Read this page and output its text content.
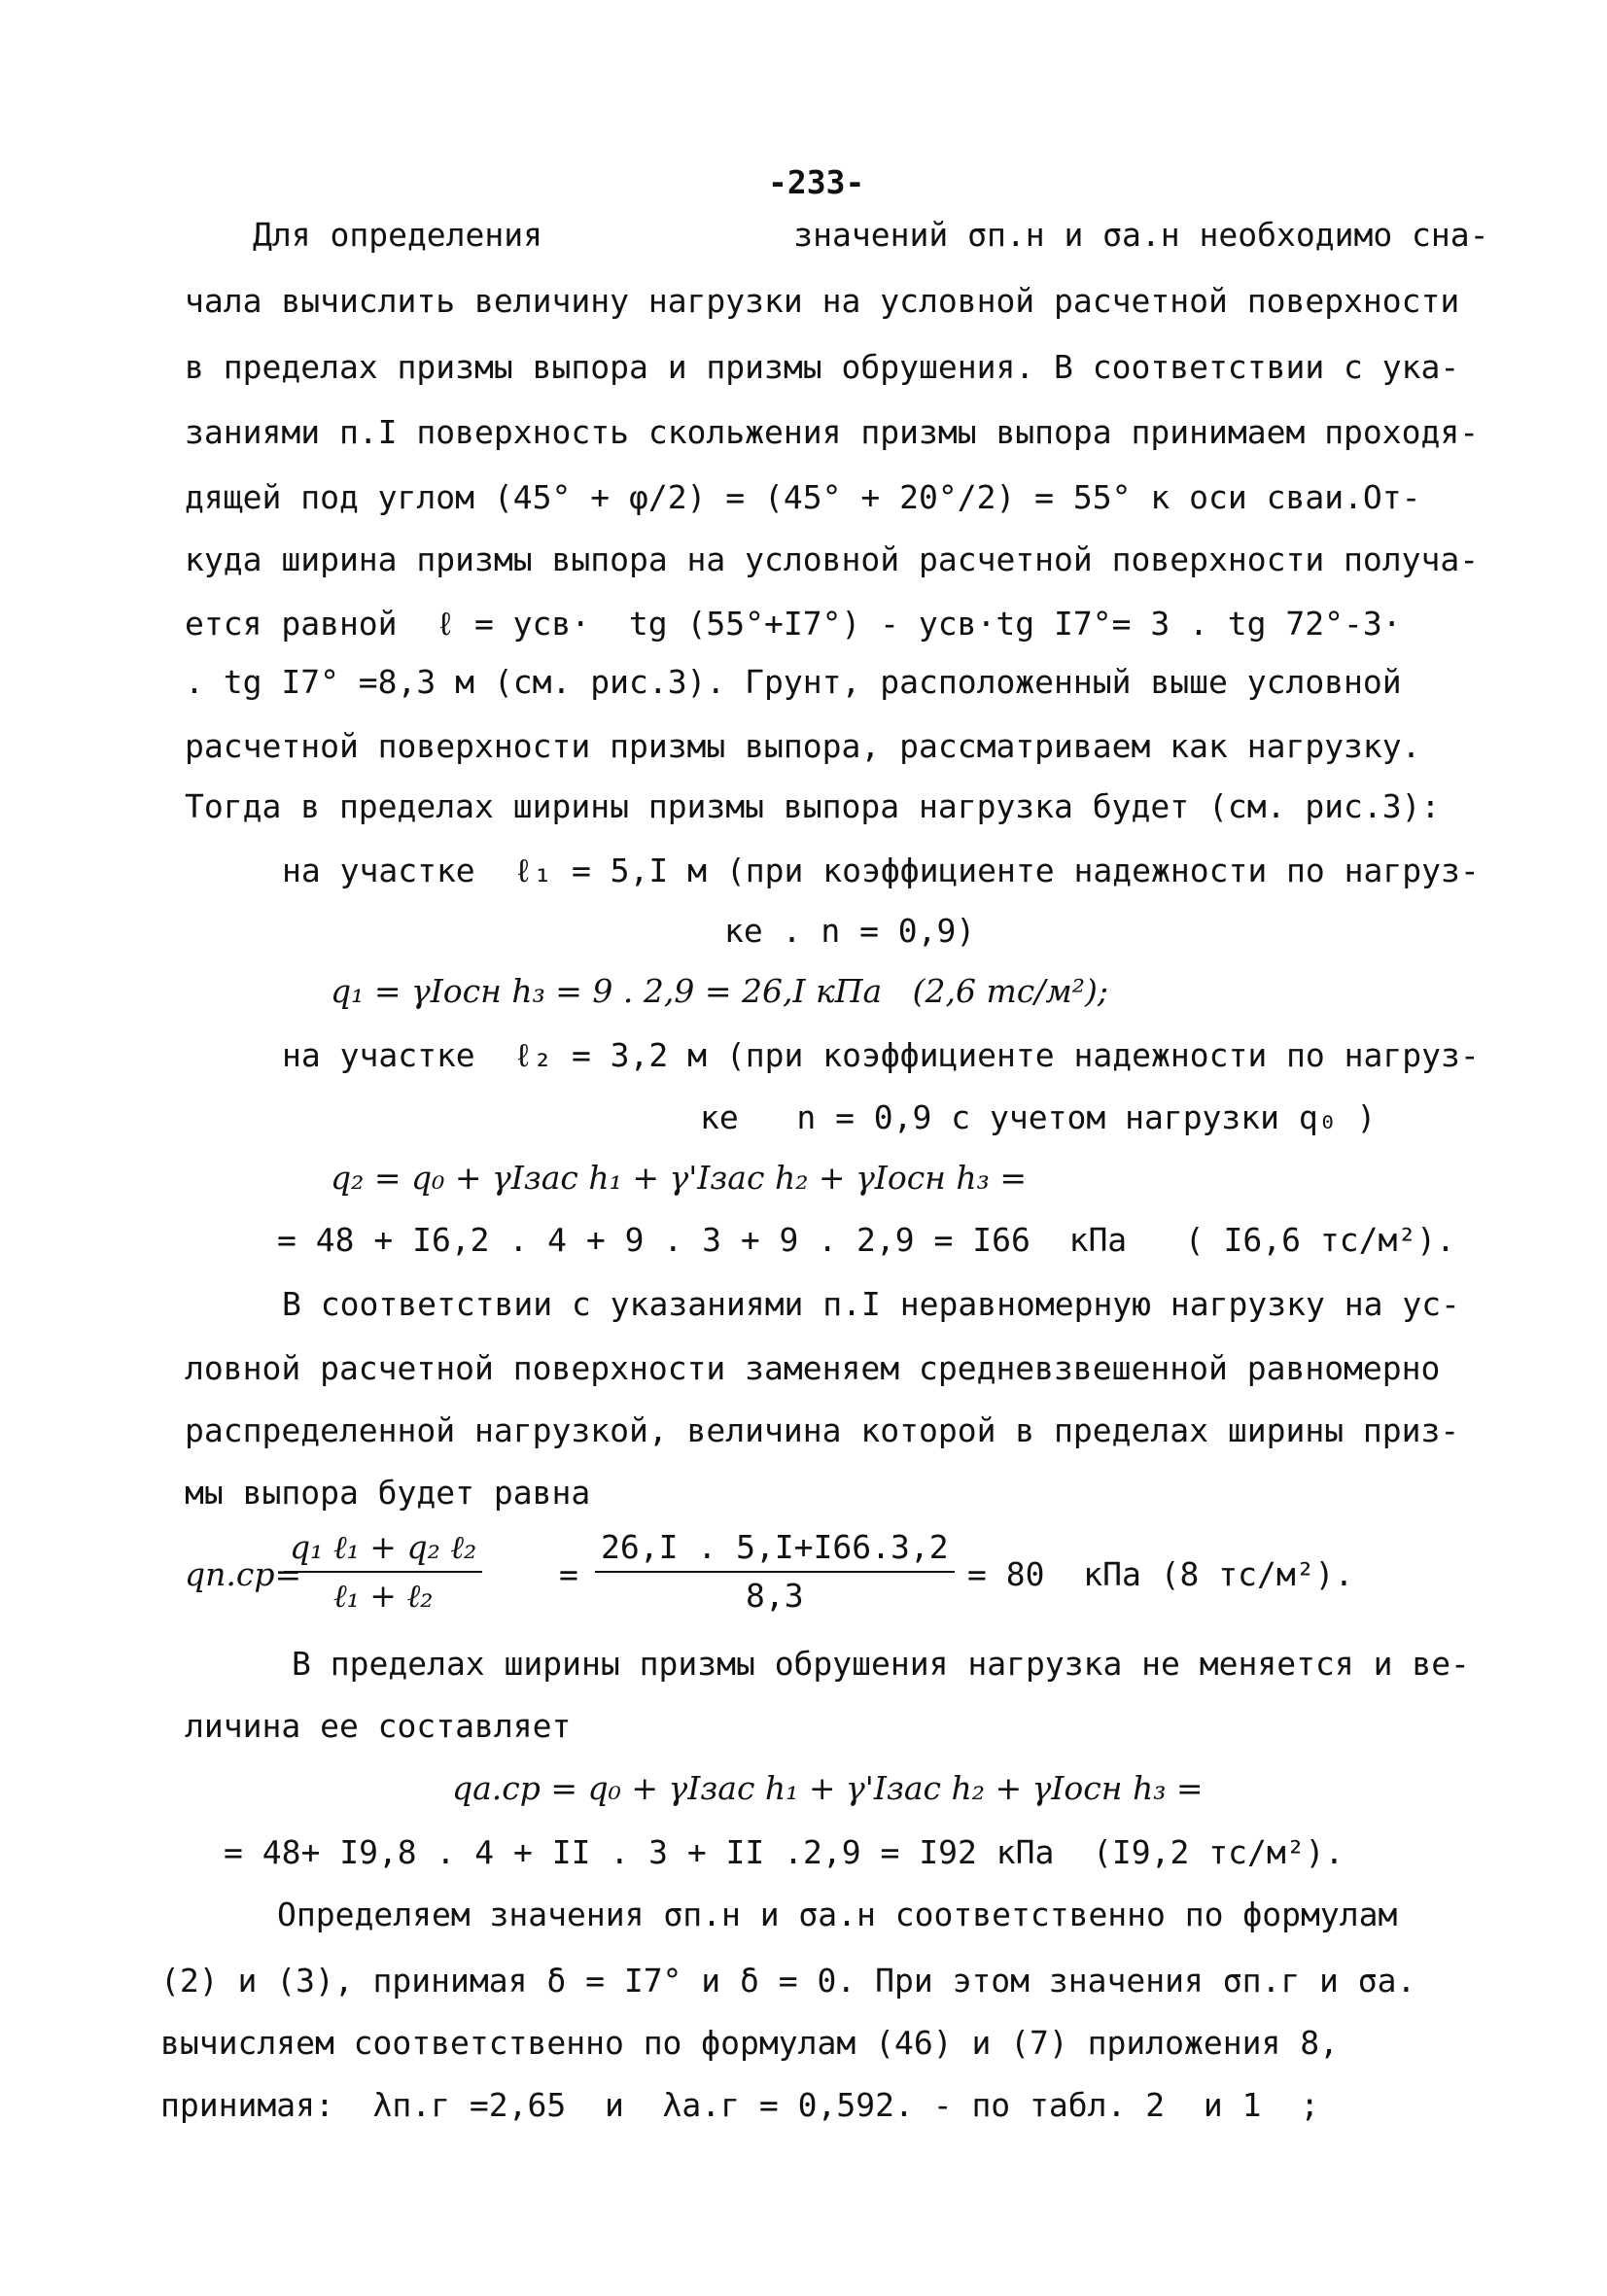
-233-
Для определения             значений σп.н и σа.н необходимо сна-
чала вычислить величину нагрузки на условной расчетной поверхности
в пределах призмы выпора и призмы обрушения. В соответствии с ука-
заниями п.I поверхность скольжения призмы выпора принимаем проходя-
дящей под углом (45° + φ/2) = (45° + 20°/2) = 55° к оси сваи.От-
куда ширина призмы выпора на условной расчетной поверхности получа-
ется равной  ℓ = yсв·  tg (55°+I7°) - yсв·tg I7°= 3 . tg 72°-3·
. tg I7° =8,3 м (см. рис.3). Грунт, расположенный выше условной
расчетной поверхности призмы выпора, рассматриваем как нагрузку.
Тогда в пределах ширины призмы выпора нагрузка будет (см. рис.3):
на участке  ℓ₁ = 5,I м (при коэффициенте надежности по нагруз-
ке . n = 0,9)
q₁ = γIосн h₃ = 9 . 2,9 = 26,I кПа   (2,6 тс/м²);
на участке  ℓ₂ = 3,2 м (при коэффициенте надежности по нагруз-
ке   n = 0,9 с учетом нагрузки q₀ )
q₂ = q₀ + γIзас h₁ + γ'Iзас h₂ + γIосн h₃ =
= 48 + I6,2 . 4 + 9 . 3 + 9 . 2,9 = I66  кПа   ( I6,6 тс/м²).
В соответствии с указаниями п.I неравномерную нагрузку на ус-
ловной расчетной поверхности заменяем средневзвешенной равномерно
распределенной нагрузкой, величина которой в пределах ширины приз-
мы выпора будет равна
qп.ср=
q₁ ℓ₁ + q₂ ℓ₂
ℓ₁ + ℓ₂
= $\frac{26,I . 5,I+I66.3,2}{8,3} = 80$  кПа (8 тс/м²).
В пределах ширины призмы обрушения нагрузка не меняется и ве-
личина ее составляет
qа.ср = q₀ + γIзас h₁ + γ'Iзас h₂ + γIосн h₃ =
= 48+ I9,8 . 4 + II . 3 + II .2,9 = I92 кПа  (I9,2 тс/м²).
Определяем значения σп.н и σа.н соответственно по формулам
(2) и (3), принимая δ = I7° и δ = 0. При этом значения σп.г и σа.
вычисляем соответственно по формулам (46) и (7) приложения 8,
принимая:  λп.г =2,65  и  λа.г = 0,592. - по табл. 2  и 1  ;
